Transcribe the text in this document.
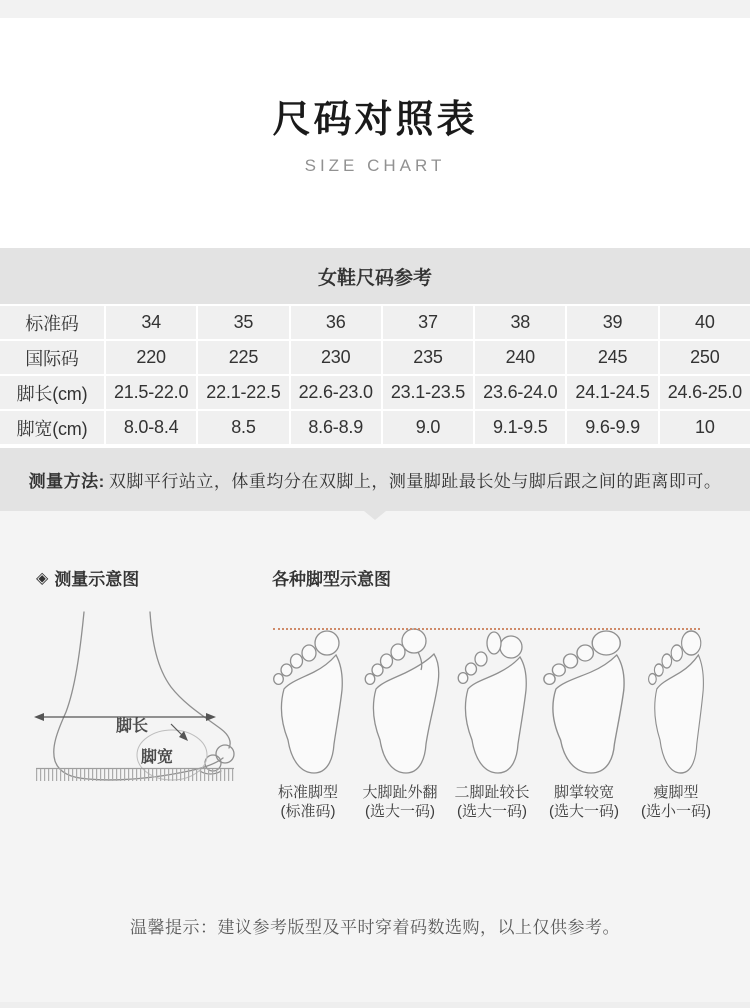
尺码对照表
SIZE CHART
女鞋尺码参考
标准码	34	35	36	37	38	39	40
国际码	220	225	230	235	240	245	250
脚长(cm)	21.5-22.0	22.1-22.5	22.6-23.0	23.1-23.5	23.6-24.0	24.1-24.5	24.6-25.0
脚宽(cm)	8.0-8.4	8.5	8.6-8.9	9.0	9.1-9.5	9.6-9.9	10
测量方法: 双脚平行站立，体重均分在双脚上，测量脚趾最长处与脚后跟之间的距离即可。
◈ 测量示意图	各种脚型示意图
脚长
脚宽
标准脚型
(标准码)
大脚趾外翻
(选大一码)
二脚趾较长
(选大一码)
脚掌较宽
(选大一码)
瘦脚型
(选小一码)
温馨提示：建议参考版型及平时穿着码数选购，以上仅供参考。
